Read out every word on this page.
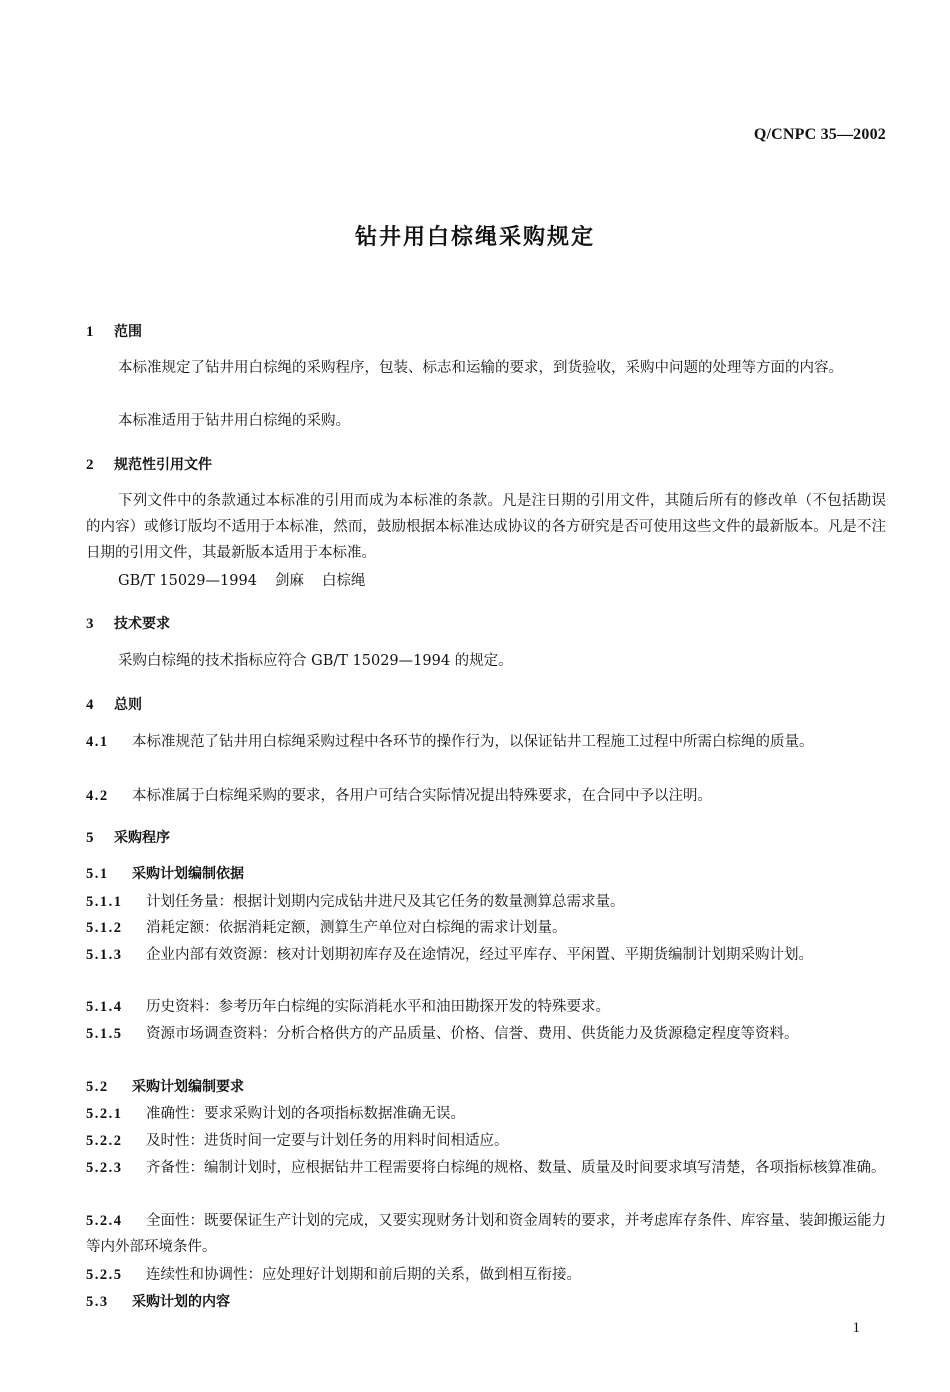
Q/CNPC 35—2002
钻井用白棕绳采购规定
1 范围
本标准规定了钻井用白棕绳的采购程序，包装、标志和运输的要求，到货验收，采购中问题的处理等方面的内容。
本标准适用于钻井用白棕绳的采购。
2 规范性引用文件
下列文件中的条款通过本标准的引用而成为本标准的条款。凡是注日期的引用文件，其随后所有的修改单（不包括勘误的内容）或修订版均不适用于本标准，然而，鼓励根据本标准达成协议的各方研究是否可使用这些文件的最新版本。凡是不注日期的引用文件，其最新版本适用于本标准。
GB/T 15029—1994 剑麻 白棕绳
3 技术要求
采购白棕绳的技术指标应符合 GB/T 15029—1994 的规定。
4 总则
4.1 本标准规范了钻井用白棕绳采购过程中各环节的操作行为，以保证钻井工程施工过程中所需白棕绳的质量。
4.2 本标准属于白棕绳采购的要求，各用户可结合实际情况提出特殊要求，在合同中予以注明。
5 采购程序
5.1 采购计划编制依据
5.1.1 计划任务量：根据计划期内完成钻井进尺及其它任务的数量测算总需求量。
5.1.2 消耗定额：依据消耗定额，测算生产单位对白棕绳的需求计划量。
5.1.3 企业内部有效资源：核对计划期初库存及在途情况，经过平库存、平闲置、平期货编制计划期采购计划。
5.1.4 历史资料：参考历年白棕绳的实际消耗水平和油田勘探开发的特殊要求。
5.1.5 资源市场调查资料：分析合格供方的产品质量、价格、信誉、费用、供货能力及货源稳定程度等资料。
5.2 采购计划编制要求
5.2.1 准确性：要求采购计划的各项指标数据准确无误。
5.2.2 及时性：进货时间一定要与计划任务的用料时间相适应。
5.2.3 齐备性：编制计划时，应根据钻井工程需要将白棕绳的规格、数量、质量及时间要求填写清楚，各项指标核算准确。
5.2.4 全面性：既要保证生产计划的完成，又要实现财务计划和资金周转的要求，并考虑库存条件、库容量、装卸搬运能力等内外部环境条件。
5.2.5 连续性和协调性：应处理好计划期和前后期的关系，做到相互衔接。
5.3 采购计划的内容
1
